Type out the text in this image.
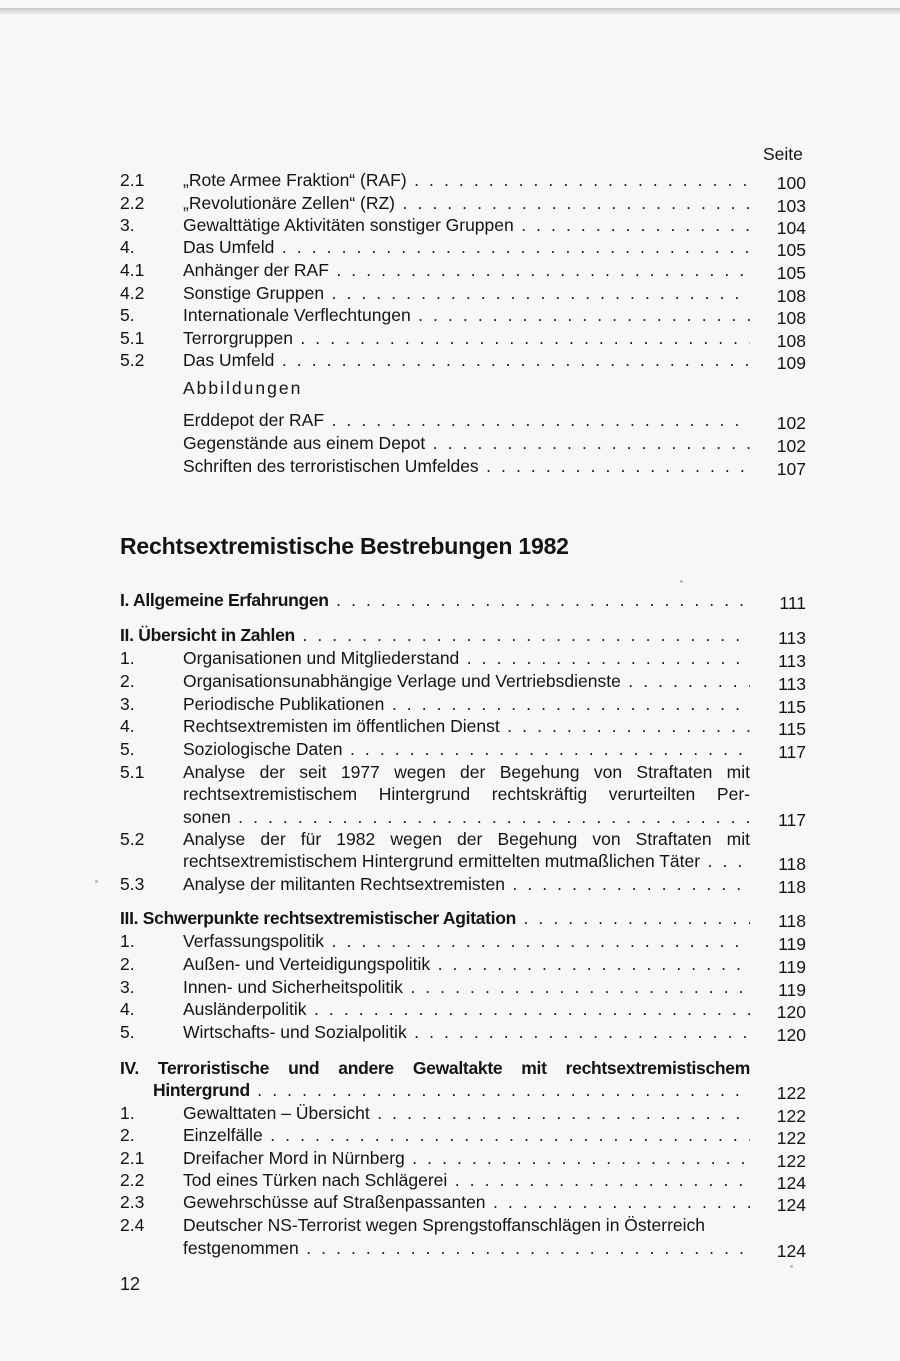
Seite
2.1 „Rote Armee Fraktion“ (RAF) . . .	100
2.2 „Revolutionäre Zellen“ (RZ) . . .	103
3.	Gewalttätige Aktivitäten sonstiger Gruppen . . .	104
4.	Das Umfeld . . .	105
4.1 Anhänger der RAF . . .	105
4.2 Sonstige Gruppen . . .	108
5.	Internationale Verflechtungen . . .	108
5.1 Terrorgruppen . . .	108
5.2 Das Umfeld . . .	109
Abbildungen
Erddepot der RAF . . .	102
Gegenstände aus einem Depot . . .	102
Schriften des terroristischen Umfeldes . . .	107
Rechtsextremistische Bestrebungen 1982
I. Allgemeine Erfahrungen . . .	111
II. Übersicht in Zahlen . . .	113
1.	Organisationen und Mitgliederstand . . .	113
2.	Organisationsunabhängige Verlage und Vertriebsdienste . . .	113
3.	Periodische Publikationen . . .	115
4.	Rechtsextremisten im öffentlichen Dienst . . .	115
5.	Soziologische Daten . . .	117
5.1 Analyse der seit 1977 wegen der Begehung von Straftaten mit
rechtsextremistischem Hintergrund rechtskräftig verurteilten Per-
sonen . . .	117
5.2 Analyse der für 1982 wegen der Begehung von Straftaten mit
rechtsextremistischem Hintergrund ermittelten mutmaßlichen Täter . . .	118
5.3 Analyse der militanten Rechtsextremisten . . .	118
III. Schwerpunkte rechtsextremistischer Agitation . . .	118
1.	Verfassungspolitik . . .	119
2.	Außen- und Verteidigungspolitik . . .	119
3.	Innen- und Sicherheitspolitik . . .	119
4.	Ausländerpolitik . . .	120
5.	Wirtschafts- und Sozialpolitik . . .	120
IV. Terroristische und andere Gewaltakte mit rechtsextremistischem
Hintergrund . . .	122
1.	Gewalttaten – Übersicht . . .	122
2.	Einzelfälle . . .	122
2.1 Dreifacher Mord in Nürnberg . . .	122
2.2 Tod eines Türken nach Schlägerei . . .	124
2.3 Gewehrschüsse auf Straßenpassanten . . .	124
2.4 Deutscher NS-Terrorist wegen Sprengstoffanschlägen in Österreich
festgenommen . . .	124
12
